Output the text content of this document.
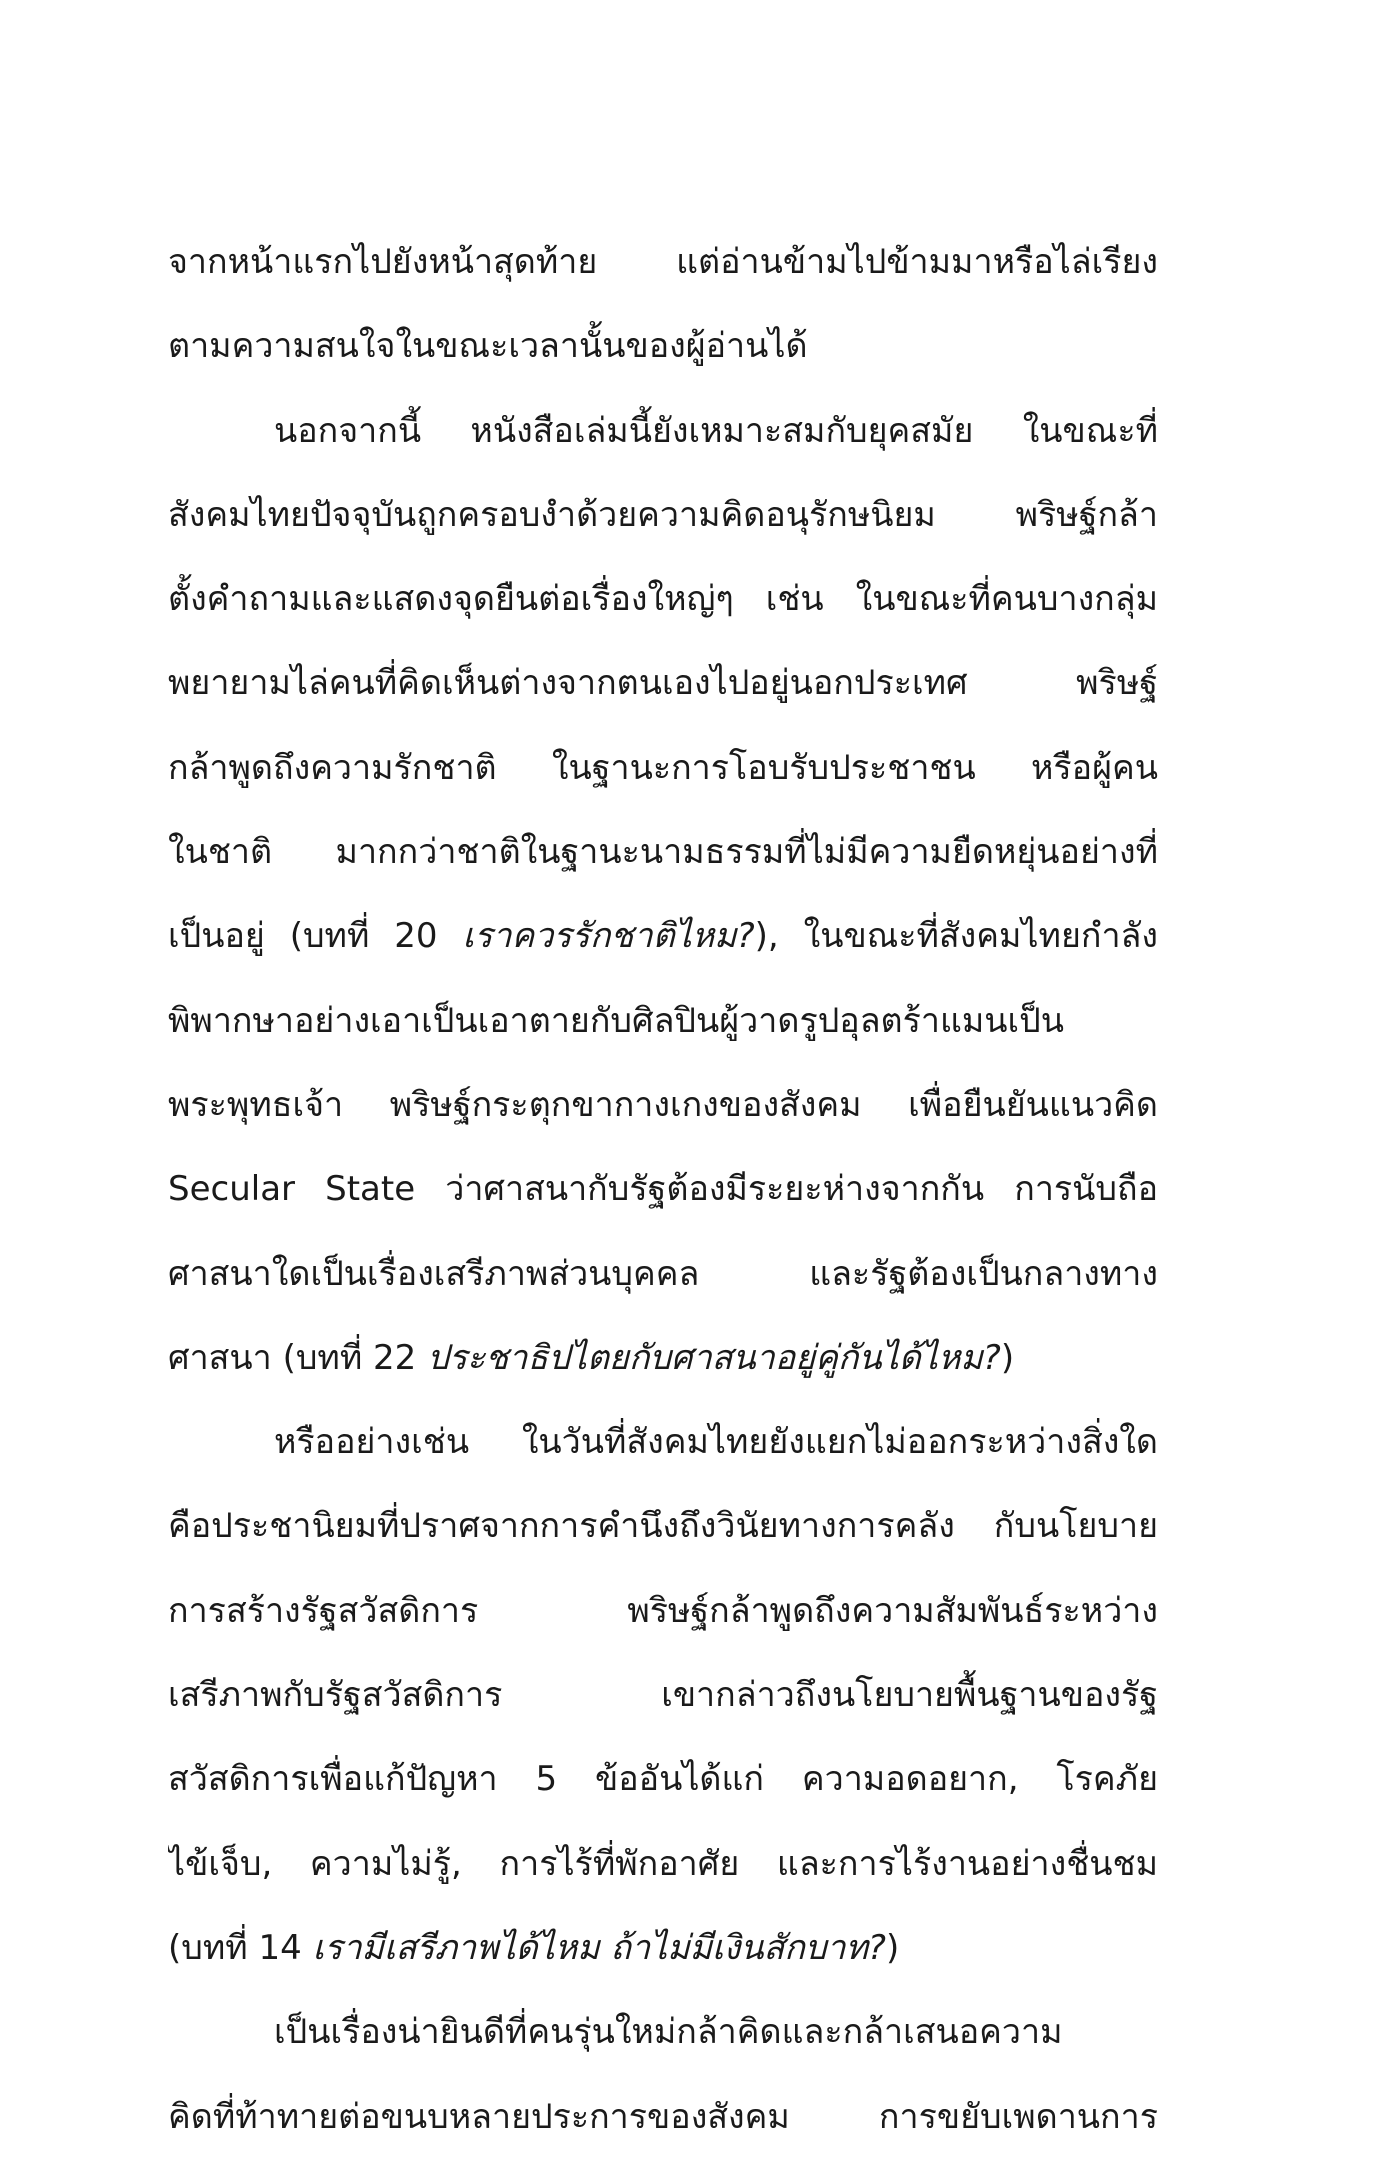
จากหน้าแรกไปยังหน้าสุดท้าย แต่อ่านข้ามไปข้ามมาหรือไล่เรียง
ตามความสนใจในขณะเวลานั้นของผู้อ่านได้
นอกจากนี้ หนังสือเล่มนี้ยังเหมาะสมกับยุคสมัย ในขณะที่
สังคมไทยปัจจุบันถูกครอบงำด้วยความคิดอนุรักษนิยม พริษฐ์กล้า
ตั้งคำถามและแสดงจุดยืนต่อเรื่องใหญ่ๆ เช่น ในขณะที่คนบางกลุ่ม
พยายามไล่คนที่คิดเห็นต่างจากตนเองไปอยู่นอกประเทศ พริษฐ์
กล้าพูดถึงความรักชาติ ในฐานะการโอบรับประชาชน หรือผู้คน
ในชาติ มากกว่าชาติในฐานะนามธรรมที่ไม่มีความยืดหยุ่นอย่างที่
เป็นอยู่ (บทที่ 20 เราควรรักชาติไหม?), ในขณะที่สังคมไทยกำลัง
พิพากษาอย่างเอาเป็นเอาตายกับศิลปินผู้วาดรูปอุลตร้าแมนเป็น
พระพุทธเจ้า พริษฐ์กระตุกขากางเกงของสังคม เพื่อยืนยันแนวคิด
Secular State ว่าศาสนากับรัฐต้องมีระยะห่างจากกัน การนับถือ
ศาสนาใดเป็นเรื่องเสรีภาพส่วนบุคคล และรัฐต้องเป็นกลางทาง
ศาสนา (บทที่ 22 ประชาธิปไตยกับศาสนาอยู่คู่กันได้ไหม?)
หรืออย่างเช่น ในวันที่สังคมไทยยังแยกไม่ออกระหว่างสิ่งใด
คือประชานิยมที่ปราศจากการคำนึงถึงวินัยทางการคลัง กับนโยบาย
การสร้างรัฐสวัสดิการ พริษฐ์กล้าพูดถึงความสัมพันธ์ระหว่าง
เสรีภาพกับรัฐสวัสดิการ เขากล่าวถึงนโยบายพื้นฐานของรัฐ
สวัสดิการเพื่อแก้ปัญหา 5 ข้ออันได้แก่ ความอดอยาก, โรคภัย
ไข้เจ็บ, ความไม่รู้, การไร้ที่พักอาศัย และการไร้งานอย่างชื่นชม
(บทที่ 14 เรามีเสรีภาพได้ไหม ถ้าไม่มีเงินสักบาท?)
เป็นเรื่องน่ายินดีที่คนรุ่นใหม่กล้าคิดและกล้าเสนอความ
คิดที่ท้าทายต่อขนบหลายประการของสังคม การขยับเพดานการ
